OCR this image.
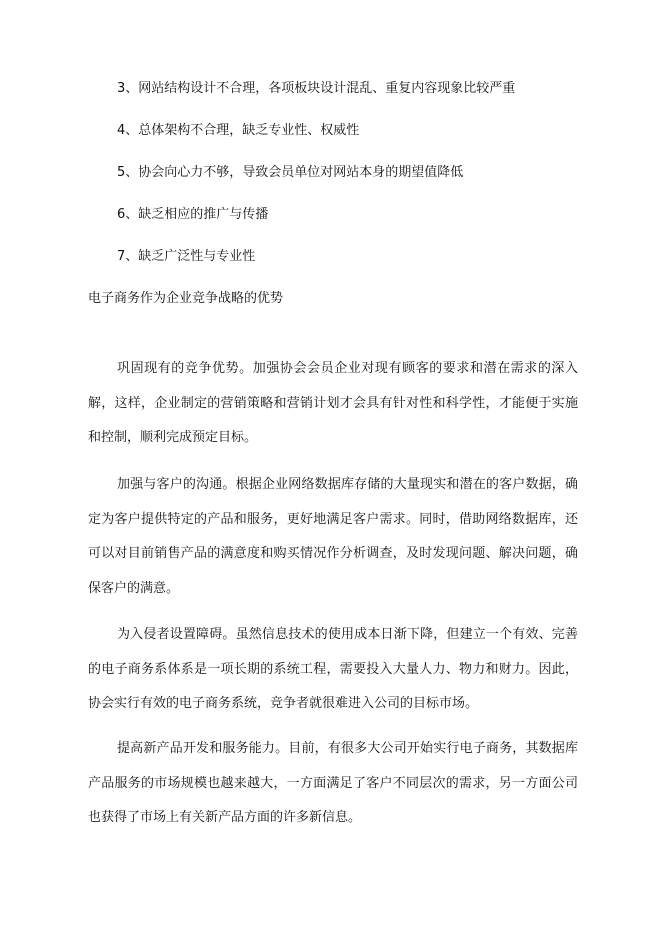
3、网站结构设计不合理，各项板块设计混乱、重复内容现象比较严重
4、总体架构不合理，缺乏专业性、权威性
5、协会向心力不够，导致会员单位对网站本身的期望值降低
6、缺乏相应的推广与传播
7、缺乏广泛性与专业性
电子商务作为企业竞争战略的优势

巩固现有的竞争优势。加强协会会员企业对现有顾客的要求和潜在需求的深入解，这样，企业制定的营销策略和营销计划才会具有针对性和科学性，才能便于实施和控制，顺利完成预定目标。

加强与客户的沟通。根据企业网络数据库存储的大量现实和潜在的客户数据，确定为客户提供特定的产品和服务，更好地满足客户需求。同时，借助网络数据库，还可以对目前销售产品的满意度和购买情况作分析调查，及时发现问题、解决问题，确保客户的满意。

为入侵者设置障碍。虽然信息技术的使用成本日渐下降，但建立一个有效、完善的电子商务系体系是一项长期的系统工程，需要投入大量人力、物力和财力。因此，协会实行有效的电子商务系统，竞争者就很难进入公司的目标市场。

提高新产品开发和服务能力。目前，有很多大公司开始实行电子商务，其数据库产品服务的市场规模也越来越大，一方面满足了客户不同层次的需求，另一方面公司也获得了市场上有关新产品方面的许多新信息。
